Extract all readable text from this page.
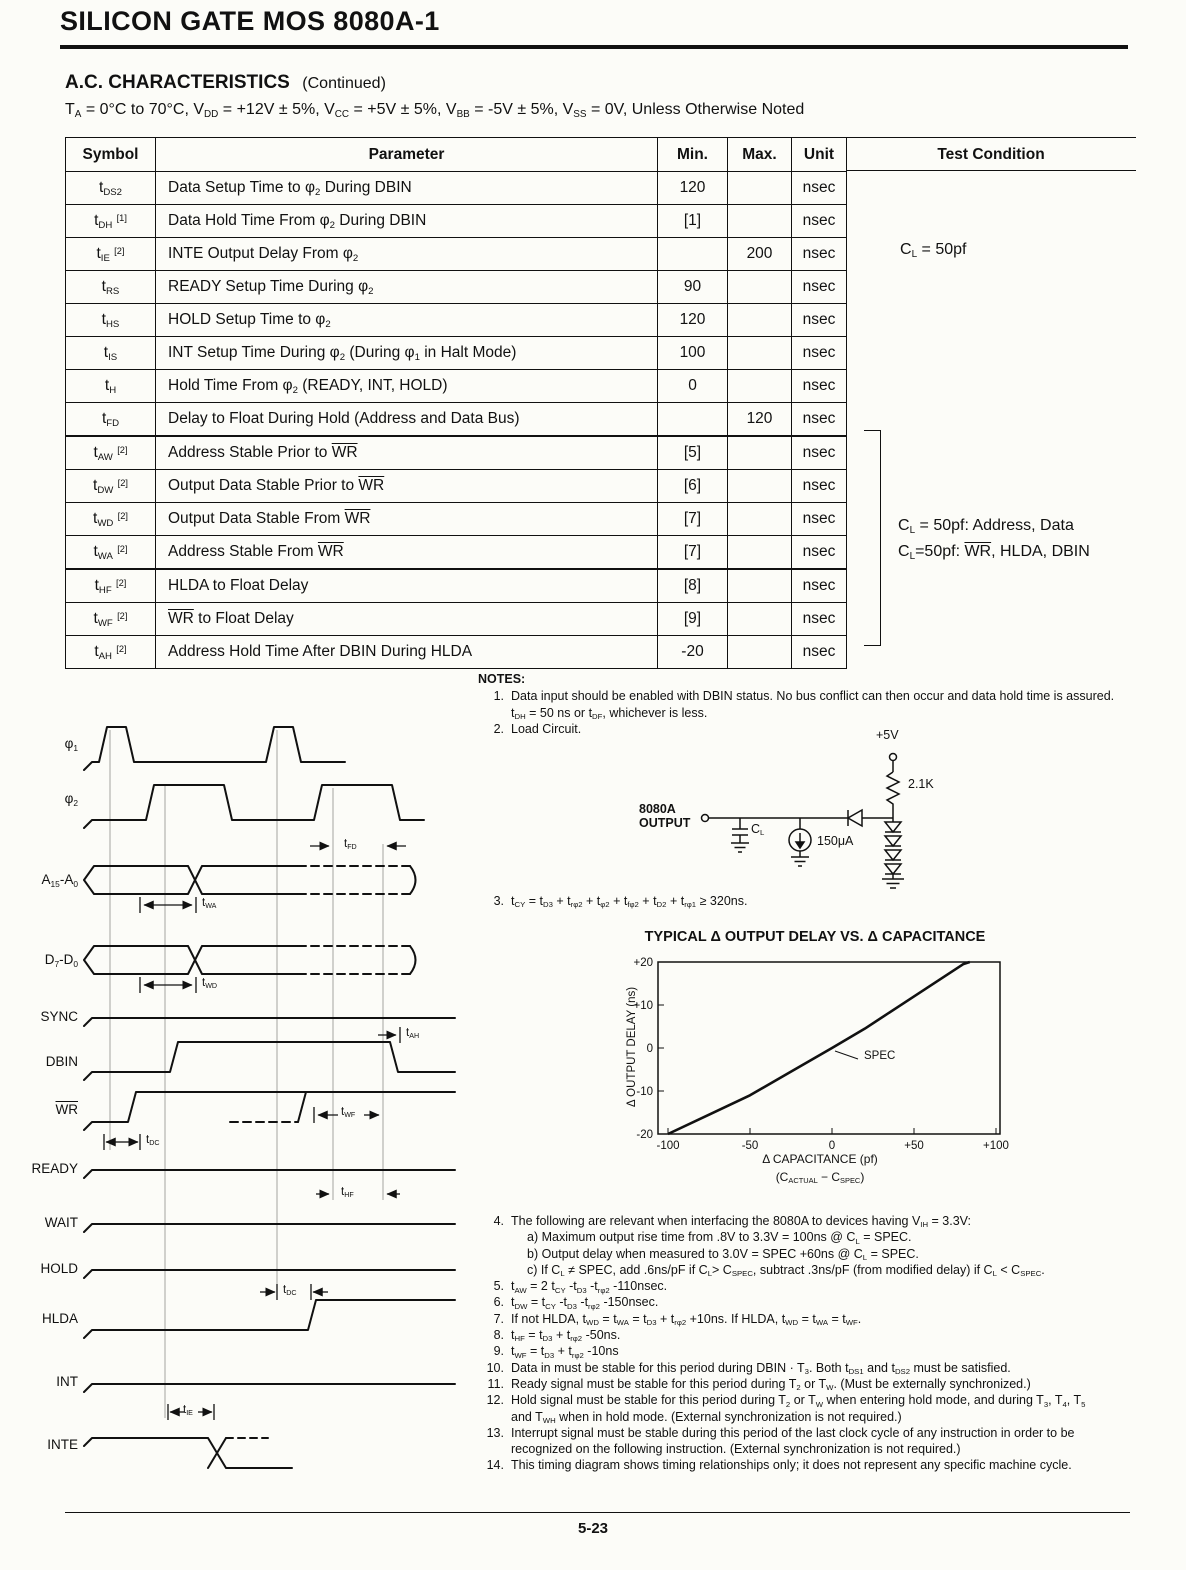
SILICON GATE MOS 8080A-1
A.C. CHARACTERISTICS (Continued)
$T_A = 0^\circ C$ to 70°C, $V_{DD} = +12V \pm 5\%$, $V_{CC} = +5V \pm 5\%$, $V_{BB} = -5V \pm 5\%$, $V_{SS} = 0V$, Unless Otherwise Noted
Symbol	Parameter	Min.	Max.	Unit
$t_{DS2}$	Data Setup Time to $\varphi_2$ During DBIN	120		nsec
$t_{DH}$ [1]	Data Hold Time From $\varphi_2$ During DBIN	[1]		nsec
$t_{IE}$ [2]	INTE Output Delay From $\varphi_2$		200	nsec
$t_{RS}$	READY Setup Time During $\varphi_2$	90		nsec
$t_{HS}$	HOLD Setup Time to $\varphi_2$	120		nsec
$t_{IS}$	INT Setup Time During $\varphi_2$ (During $\varphi_1$ in Halt Mode)	100		nsec
$t_H$	Hold Time From $\varphi_2$ (READY, INT, HOLD)	0		nsec
$t_{FD}$	Delay to Float During Hold (Address and Data Bus)		120	nsec
$t_{AW}$ [2]	Address Stable Prior to $\overline{WR}$	[5]		nsec
$t_{DW}$ [2]	Output Data Stable Prior to $\overline{WR}$	[6]		nsec
$t_{WD}$ [2]	Output Data Stable From $\overline{WR}$	[7]		nsec
$t_{WA}$ [2]	Address Stable From $\overline{WR}$	[7]		nsec
$t_{HF}$ [2]	HLDA to Float Delay	[8]		nsec
$t_{WF}$ [2]	$\overline{WR}$ to Float Delay	[9]		nsec
$t_{AH}$ [2]	Address Hold Time After DBIN During HLDA	-20		nsec
Test Condition
$C_L = 50pf$
$C_L = 50pf$: Address, Data
$C_L=50pf$: $\overline{WR}$, HLDA, DBIN
NOTES:
1. Data input should be enabled with DBIN status. No bus conflict can then occur and data hold time is assured.
$t_{DH} = 50$ ns or $t_{DF}$, whichever is less.
2. Load Circuit.
3. $t_{CY} = t_{D3} + t_{r\varphi 2} + t_{\varphi 2} + t_{f\varphi 2} + t_{D2} + t_{r\varphi 1} \ge 320ns$.
4. The following are relevant when interfacing the 8080A to devices having $V_{IH} = 3.3V$:
a) Maximum output rise time from .8V to 3.3V = 100ns @ $C_L$ = SPEC.
b) Output delay when measured to 3.0V = SPEC +60ns @ $C_L$ = SPEC.
c) If $C_L$ ≠ SPEC, add .6ns/pF if $C_L> C_{SPEC}$, subtract .3ns/pF (from modified delay) if $C_L < C_{SPEC}$.
5. $t_{AW} = 2$ $t_{CY}$ $-t_{D3}$ $-t_{r\varphi 2}$ -110nsec.
6. $t_{DW} = t_{CY}$ $-t_{D3}$ $-t_{r\varphi 2}$ -150nsec.
7. If not HLDA, $t_{WD} = t_{WA} = t_{D3} + t_{r\varphi 2} +10ns$. If HLDA, $t_{WD} = t_{WA} = t_{WF}$.
8. $t_{HF} = t_{D3} + t_{r\varphi 2}$ -50ns.
9. $t_{WF} = t_{D3} + t_{r\varphi 2}$ -10ns
10. Data in must be stable for this period during DBIN · $T_3$. Both $t_{DS1}$ and $t_{DS2}$ must be satisfied.
11. Ready signal must be stable for this period during $T_2$ or $T_W$. (Must be externally synchronized.)
12. Hold signal must be stable for this period during $T_2$ or $T_W$ when entering hold mode, and during $T_3$, $T_4$, $T_5$
and $T_{WH}$ when in hold mode. (External synchronization is not required.)
13. Interrupt signal must be stable during this period of the last clock cycle of any instruction in order to be
recognized on the following instruction. (External synchronization is not required.)
14. This timing diagram shows timing relationships only; it does not represent any specific machine cycle.
$\varphi_1$
$\varphi_2$
$A_{15}-A_0$
$D_7-D_0$
SYNC
DBIN
$\overline{WR}$
READY
WAIT
HOLD
HLDA
INT
INTE
$t_{FD}$
$t_{WA}$
$t_{WD}$
$t_{AH}$
$t_{WF}$
$t_{DC}$
$t_{HF}$
$t_{DC}$
$t_{IE}$
+5V
2.1K
8080A
OUTPUT	$C_L$
150μA
TYPICAL Δ OUTPUT DELAY VS. Δ CAPACITANCE
-100	-50	0	+50	+100
+20
+10
0
-10
-20
Δ OUTPUT DELAY (ns)
Δ CAPACITANCE (pf)
$(C_{ACTUAL} - C_{SPEC})$
SPEC
5-23
